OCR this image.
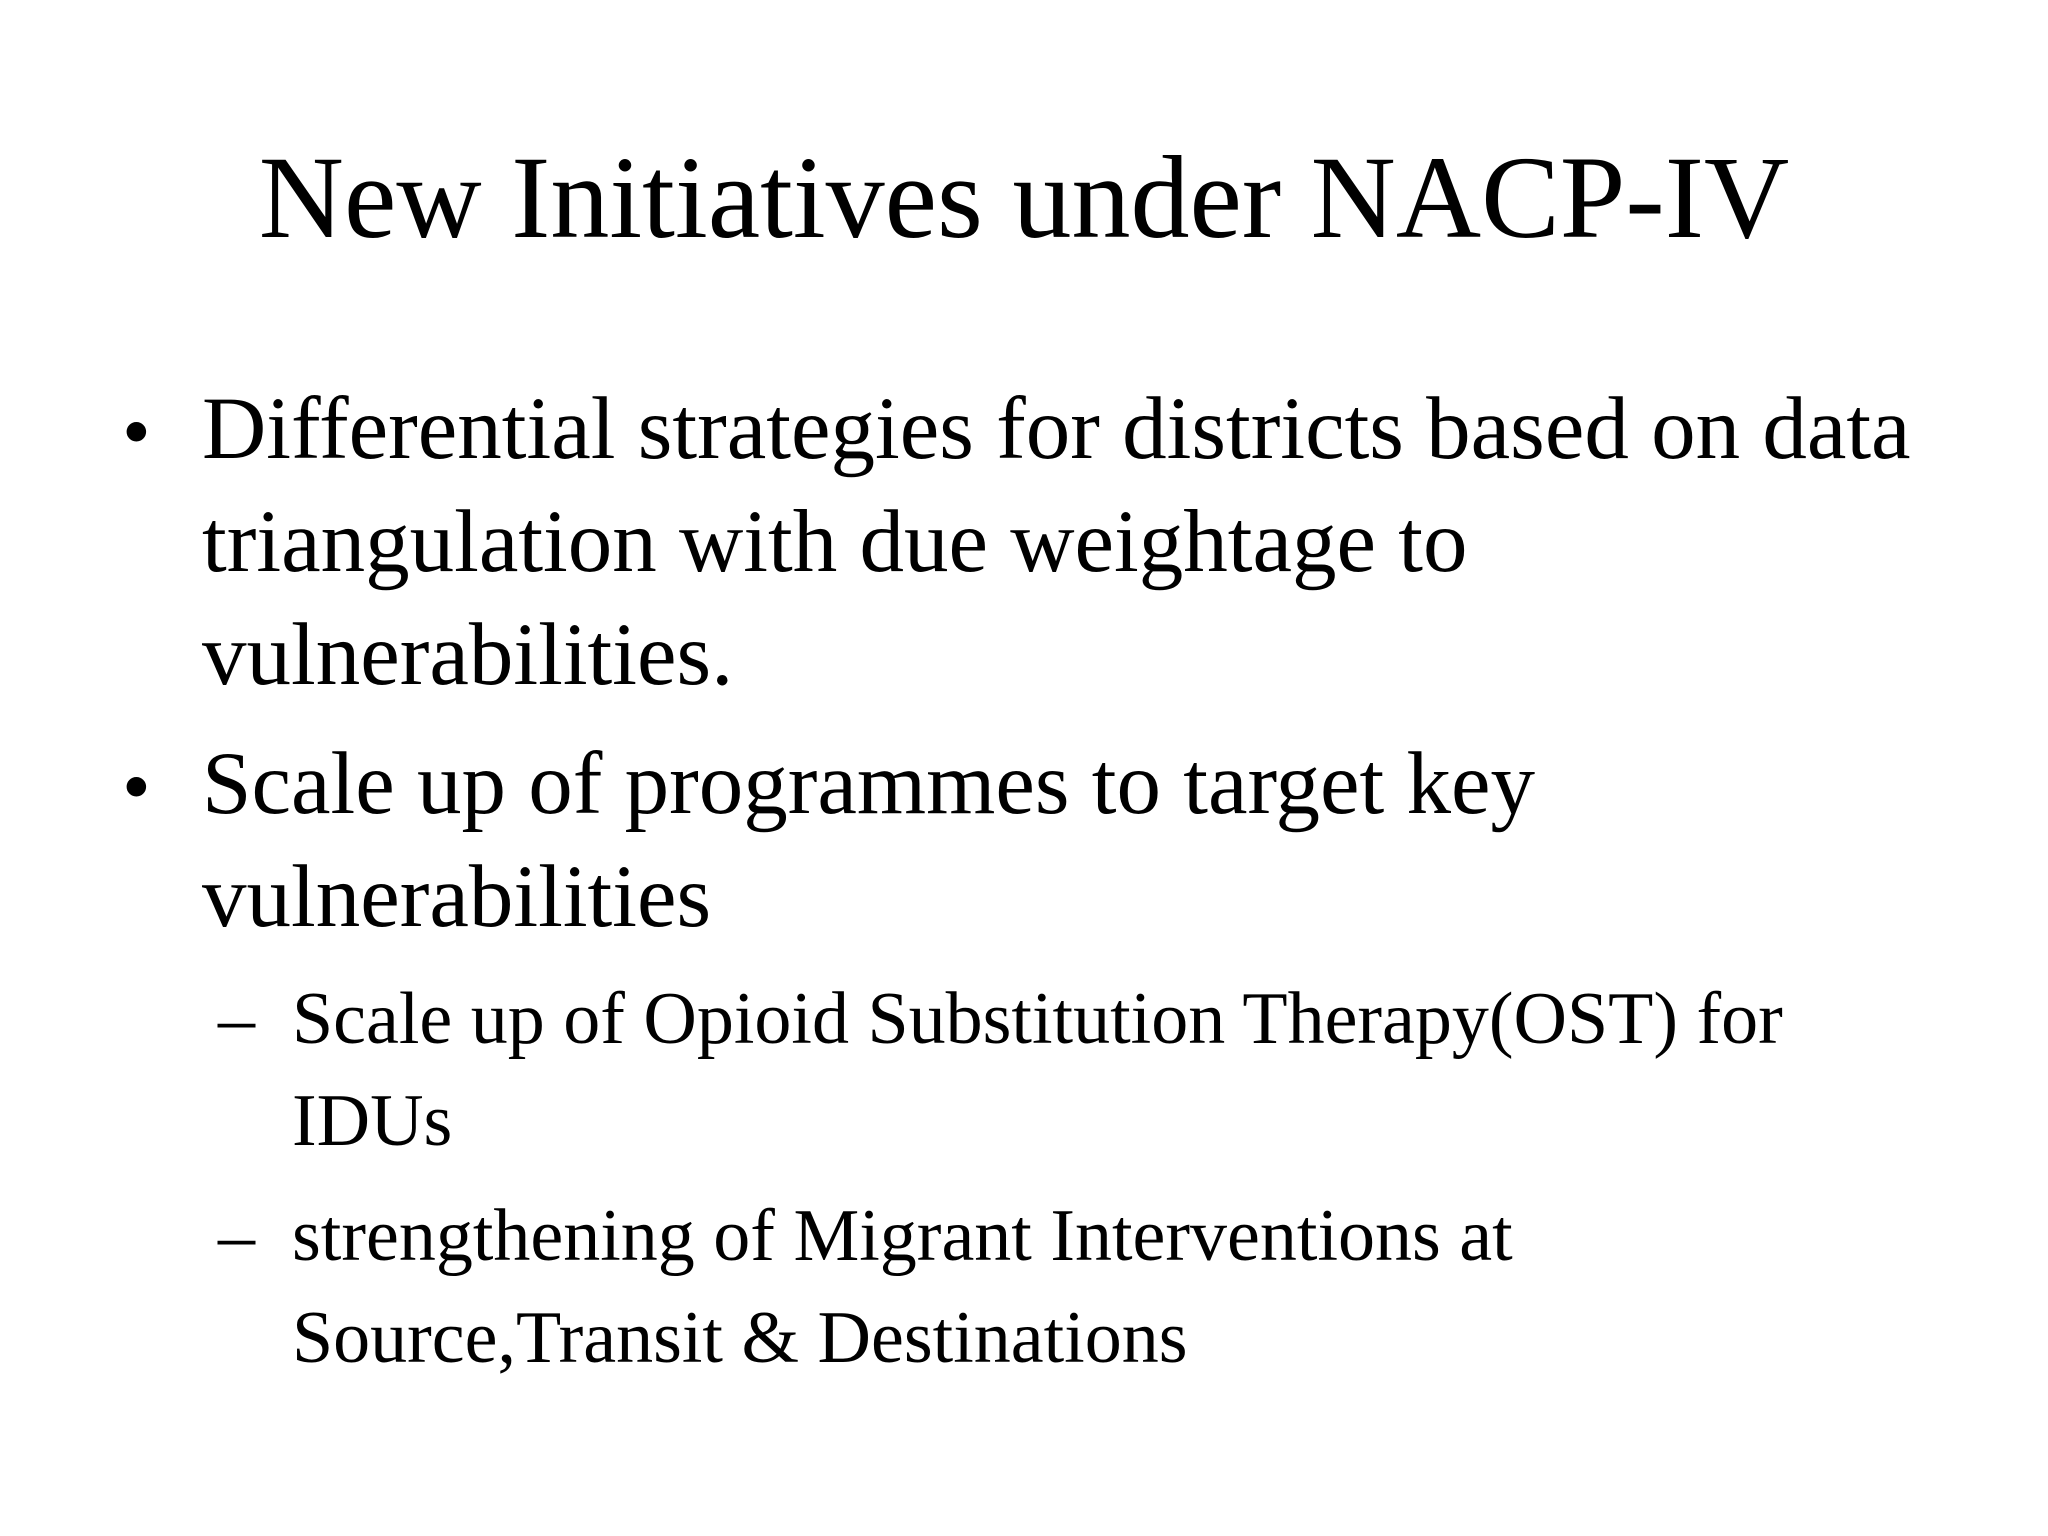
New Initiatives under NACP-IV
• Differential strategies for districts based on data triangulation with due weightage to vulnerabilities.
• Scale up of programmes to target key vulnerabilities
– Scale up of Opioid Substitution Therapy(OST) for IDUs
– strengthening of Migrant Interventions at Source,Transit & Destinations
